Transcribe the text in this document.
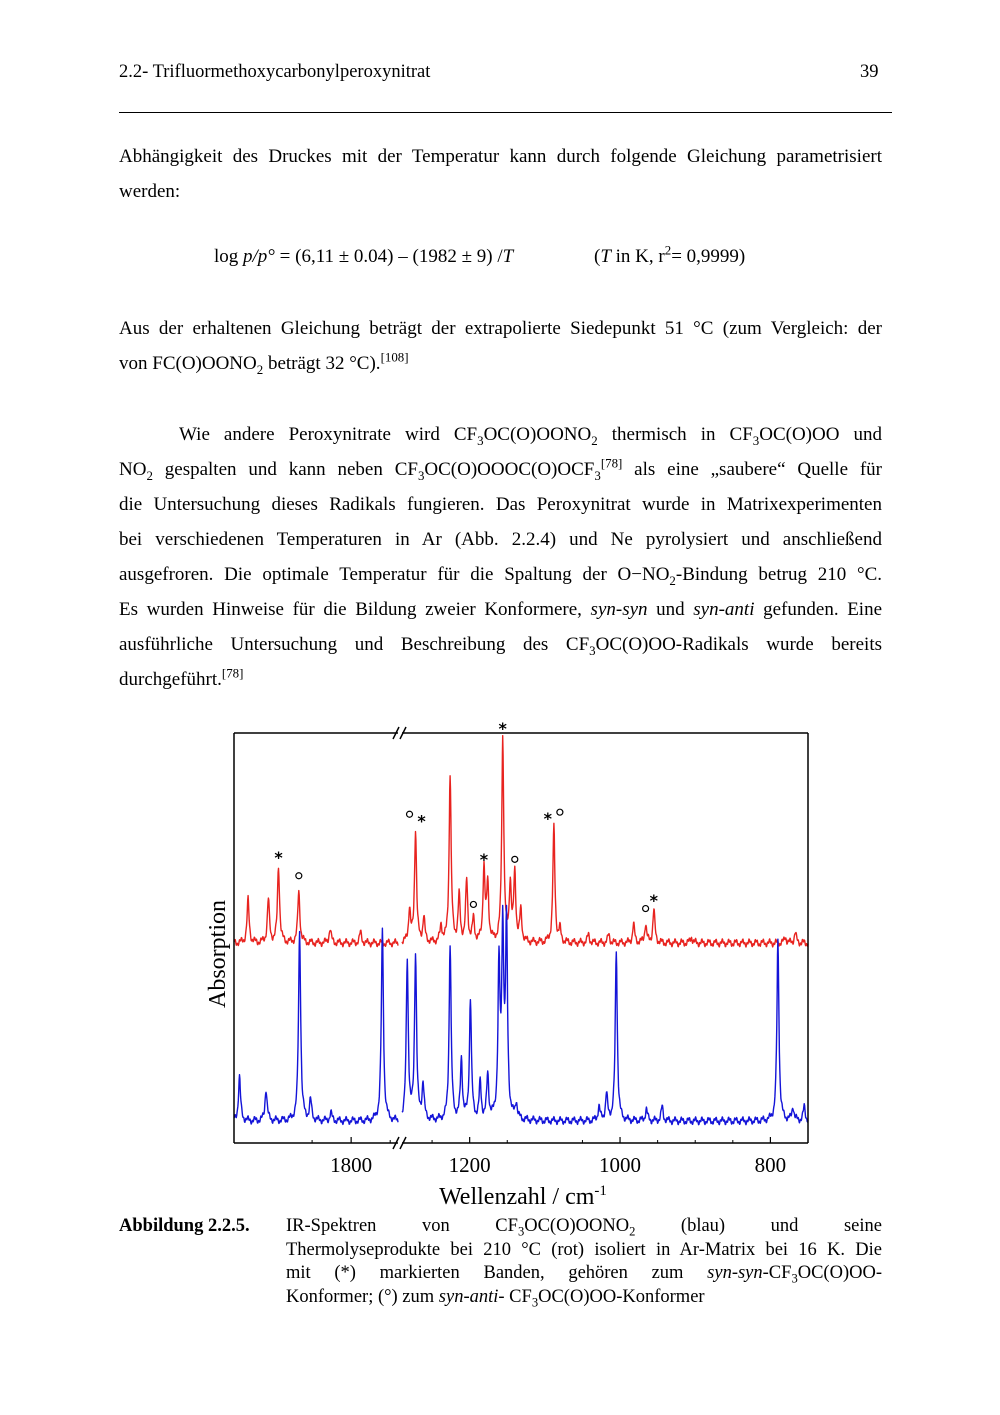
2.2- Trifluormethoxycarbonylperoxynitrat	39
Abhängigkeit des Druckes mit der Temperatur kann durch folgende Gleichung parametrisiert
werden:
log p/p° = (6,11 ± 0.04) – (1982 ± 9) /T	(T in K, $r^2= 0,9999$)
Aus der erhaltenen Gleichung beträgt der extrapolierte Siedepunkt 51 °C (zum Vergleich: der
von $FC(O)OONO_2$ beträgt 32 °C).[108]
Wie andere Peroxynitrate wird $CF_3OC(O)OONO_2$ thermisch in $CF_3OC(O)OO$ und
$NO_2$ gespalten und kann neben $CF_3OC(O)OOOC(O)OCF_3[78]$ als eine „saubere“ Quelle für
die Untersuchung dieses Radikals fungieren. Das Peroxynitrat wurde in Matrixexperimenten
bei verschiedenen Temperaturen in Ar (Abb. 2.2.4) und Ne pyrolysiert und anschließend
ausgefroren. Die optimale Temperatur für die Spaltung der $O-NO_2$-Bindung betrug 210 °C.
Es wurden Hinweise für die Bildung zweier Konformere, syn-syn und syn-anti gefunden. Eine
ausführliche Untersuchung und Beschreibung des $CF_3OC(O)OO$-Radikals wurde bereits
durchgeführt.[78]
*
*
*
*
*
*
1800	1200	1000	800
Wellenzahl / $cm^{-1}$
Absorption
Abbildung 2.2.5. IR-Spektren von $CF_3OC(O)OONO_2$ (blau) und seine
Thermolyseprodukte bei 210 °C (rot) isoliert in Ar-Matrix bei 16 K. Die
mit (*) markierten Banden, gehören zum syn-$syn-CF_3OC(O)OO-$
Konformer; (°) zum syn-anti- $CF_3OC(O)OO$-Konformer
